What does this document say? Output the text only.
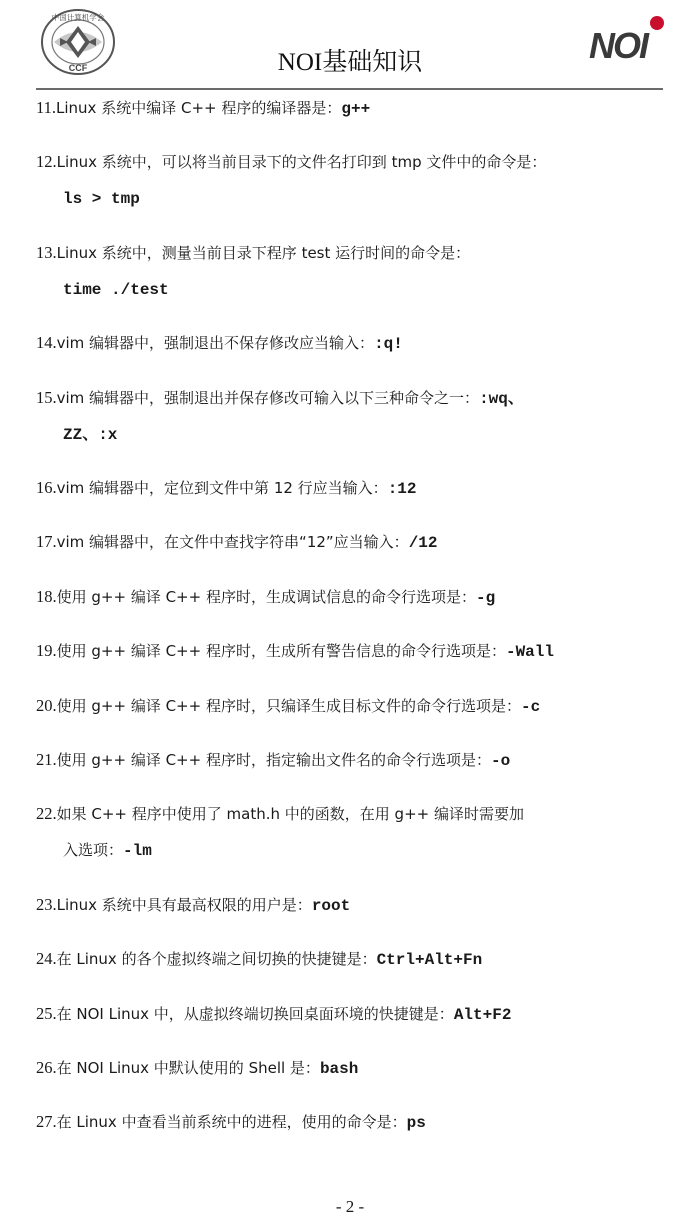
中国计算机学会
CCF	NOI基础知识	NOI
11.Linux 系统中编译 C++ 程序的编译器是：g++
12.Linux 系统中，可以将当前目录下的文件名打印到 tmp 文件中的命令是：
ls > tmp
13.Linux 系统中，测量当前目录下程序 test 运行时间的命令是：
time ./test
14.vim 编辑器中，强制退出不保存修改应当输入：:q!
15.vim 编辑器中，强制退出并保存修改可输入以下三种命令之一：:wq、
ZZ、:x
16.vim 编辑器中，定位到文件中第 12 行应当输入：:12
17.vim 编辑器中，在文件中查找字符串“12”应当输入：/12
18.使用 g++ 编译 C++ 程序时，生成调试信息的命令行选项是：-g
19.使用 g++ 编译 C++ 程序时，生成所有警告信息的命令行选项是：-Wall
20.使用 g++ 编译 C++ 程序时，只编译生成目标文件的命令行选项是：-c
21.使用 g++ 编译 C++ 程序时，指定输出文件名的命令行选项是：-o
22.如果 C++ 程序中使用了 math.h 中的函数，在用 g++ 编译时需要加
入选项：-lm
23.Linux 系统中具有最高权限的用户是：root
24.在 Linux 的各个虚拟终端之间切换的快捷键是：Ctrl+Alt+Fn
25.在 NOI Linux 中，从虚拟终端切换回桌面环境的快捷键是：Alt+F2
26.在 NOI Linux 中默认使用的 Shell 是：bash
27.在 Linux 中查看当前系统中的进程，使用的命令是：ps
- 2 -
